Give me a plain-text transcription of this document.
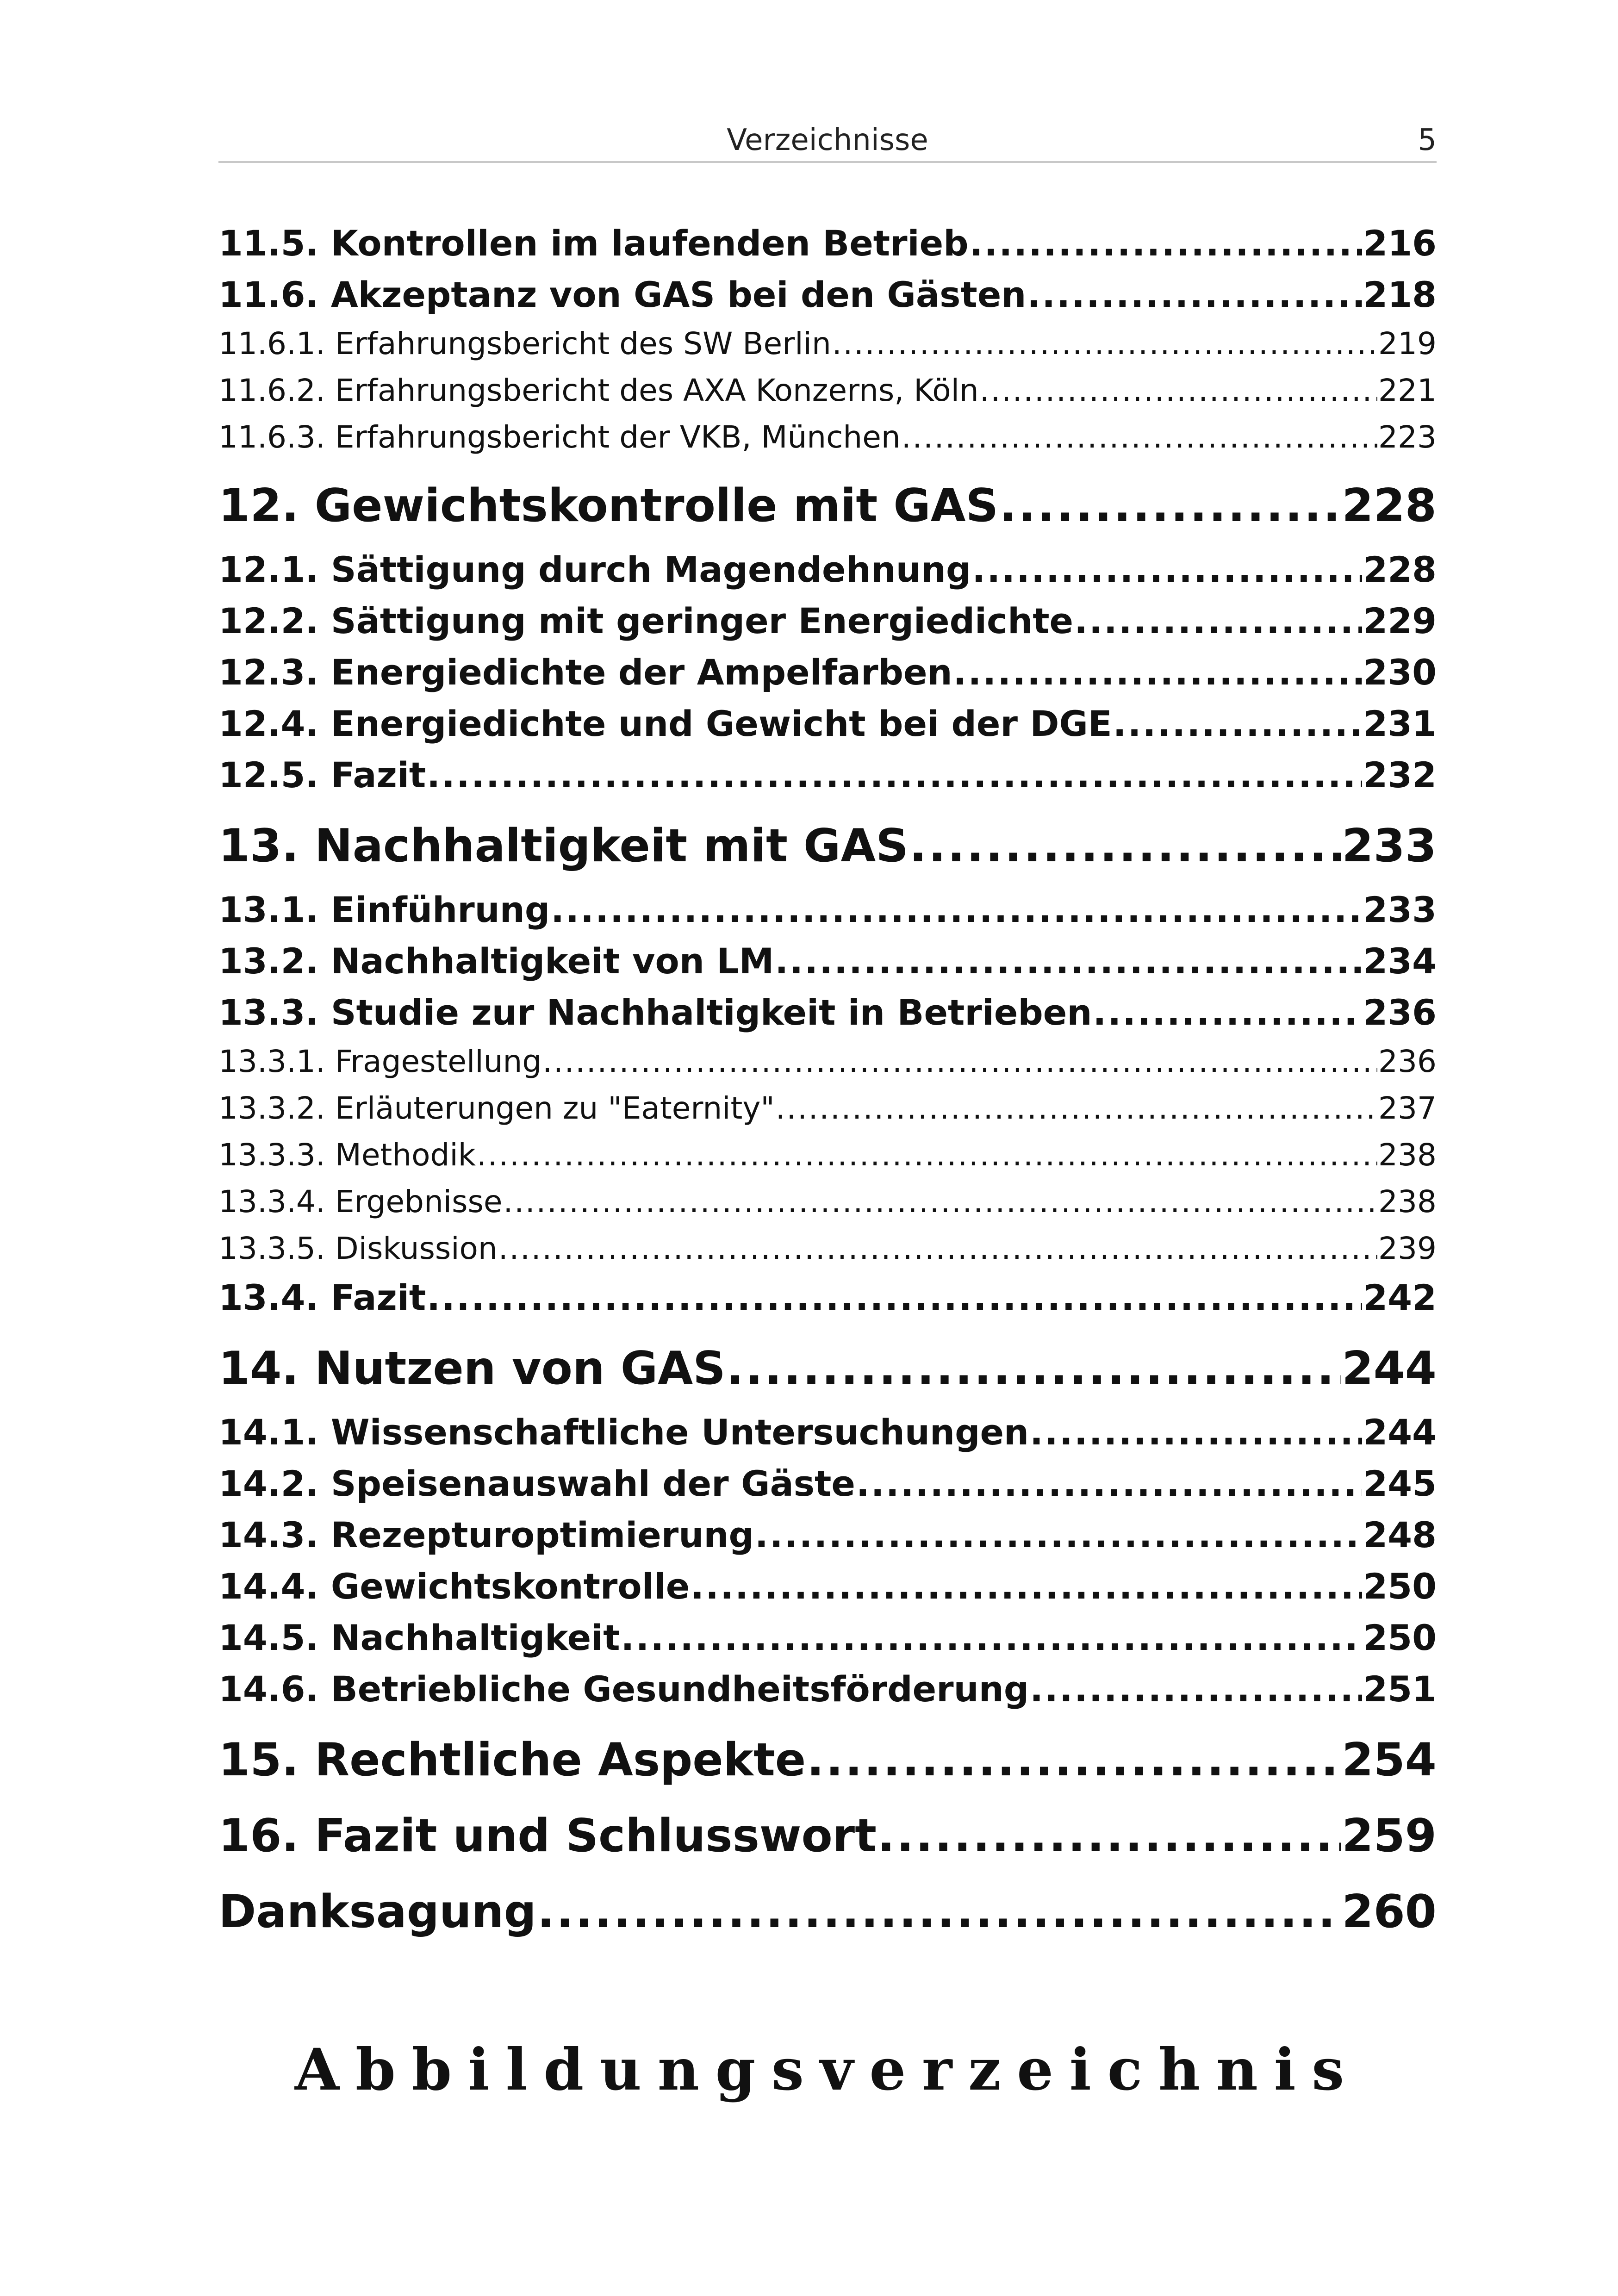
Verzeichnisse	5
11.5. Kontrollen im laufenden Betrieb .....	216
11.6. Akzeptanz von GAS bei den Gästen .....	218
11.6.1. Erfahrungsbericht des SW Berlin .....	219
11.6.2. Erfahrungsbericht des AXA Konzerns, Köln .....	221
11.6.3. Erfahrungsbericht der VKB, München .....	223
12. Gewichtskontrolle mit GAS .....	228
12.1. Sättigung durch Magendehnung .....	228
12.2. Sättigung mit geringer Energiedichte .....	229
12.3. Energiedichte der Ampelfarben .....	230
12.4. Energiedichte und Gewicht bei der DGE .....	231
12.5. Fazit .....	232
13. Nachhaltigkeit mit GAS .....	233
13.1. Einführung .....	233
13.2. Nachhaltigkeit von LM .....	234
13.3. Studie zur Nachhaltigkeit in Betrieben .....	236
13.3.1. Fragestellung .....	236
13.3.2. Erläuterungen zu "Eaternity" .....	237
13.3.3. Methodik .....	238
13.3.4. Ergebnisse .....	238
13.3.5. Diskussion .....	239
13.4. Fazit .....	242
14. Nutzen von GAS .....	244
14.1. Wissenschaftliche Untersuchungen .....	244
14.2. Speisenauswahl der Gäste .....	245
14.3. Rezepturoptimierung .....	248
14.4. Gewichtskontrolle .....	250
14.5. Nachhaltigkeit .....	250
14.6. Betriebliche Gesundheitsförderung .....	251
15. Rechtliche Aspekte .....	254
16. Fazit und Schlusswort .....	259
Danksagung .....	260
Abbildungsverzeichnis
